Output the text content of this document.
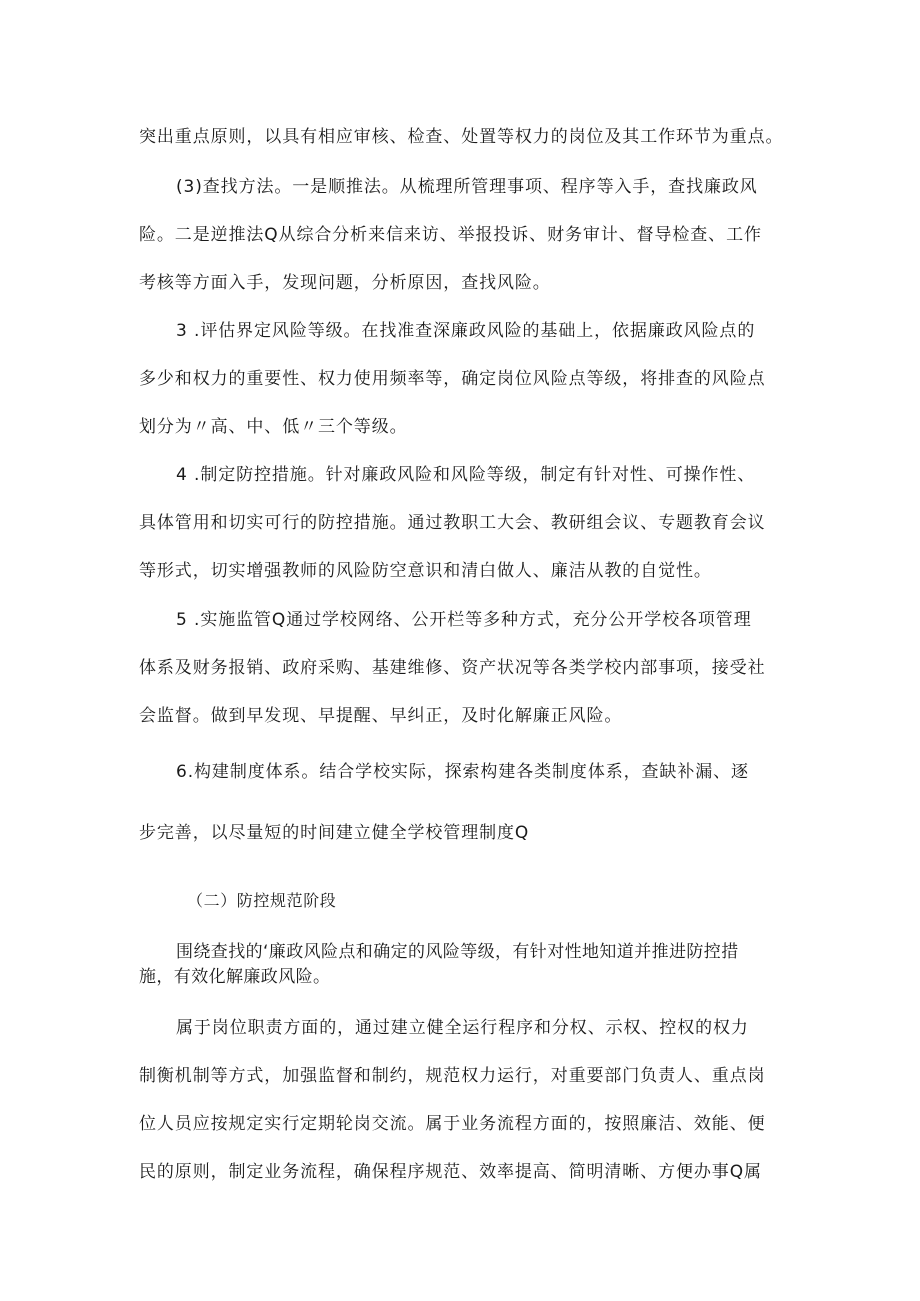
突出重点原则，以具有相应审核、检查、处置等权力的岗位及其工作环节为重点。
(3)查找方法。一是顺推法。从梳理所管理事项、程序等入手，查找廉政风
险。二是逆推法Q从综合分析来信来访、举报投诉、财务审计、督导检查、工作
考核等方面入手，发现问题，分析原因，查找风险。
3 .评估界定风险等级。在找准查深廉政风险的基础上，依据廉政风险点的
多少和权力的重要性、权力使用频率等，确定岗位风险点等级，将排查的风险点
划分为〃高、中、低〃三个等级。
4 .制定防控措施。针对廉政风险和风险等级，制定有针对性、可操作性、
具体管用和切实可行的防控措施。通过教职工大会、教研组会议、专题教育会议
等形式，切实增强教师的风险防空意识和清白做人、廉洁从教的自觉性。
5 .实施监管Q通过学校网络、公开栏等多种方式，充分公开学校各项管理
体系及财务报销、政府采购、基建维修、资产状况等各类学校内部事项，接受社
会监督。做到早发现、早提醒、早纠正，及时化解廉正风险。
6.构建制度体系。结合学校实际，探索构建各类制度体系，查缺补漏、逐
步完善，以尽量短的时间建立健全学校管理制度Q
（二）防控规范阶段
围绕查找的‘廉政风险点和确定的风险等级，有针对性地知道并推进防控措
施，有效化解廉政风险。
属于岗位职责方面的，通过建立健全运行程序和分权、示权、控权的权力
制衡机制等方式，加强监督和制约，规范权力运行，对重要部门负责人、重点岗
位人员应按规定实行定期轮岗交流。属于业务流程方面的，按照廉洁、效能、便
民的原则，制定业务流程，确保程序规范、效率提高、简明清晰、方便办事Q属
